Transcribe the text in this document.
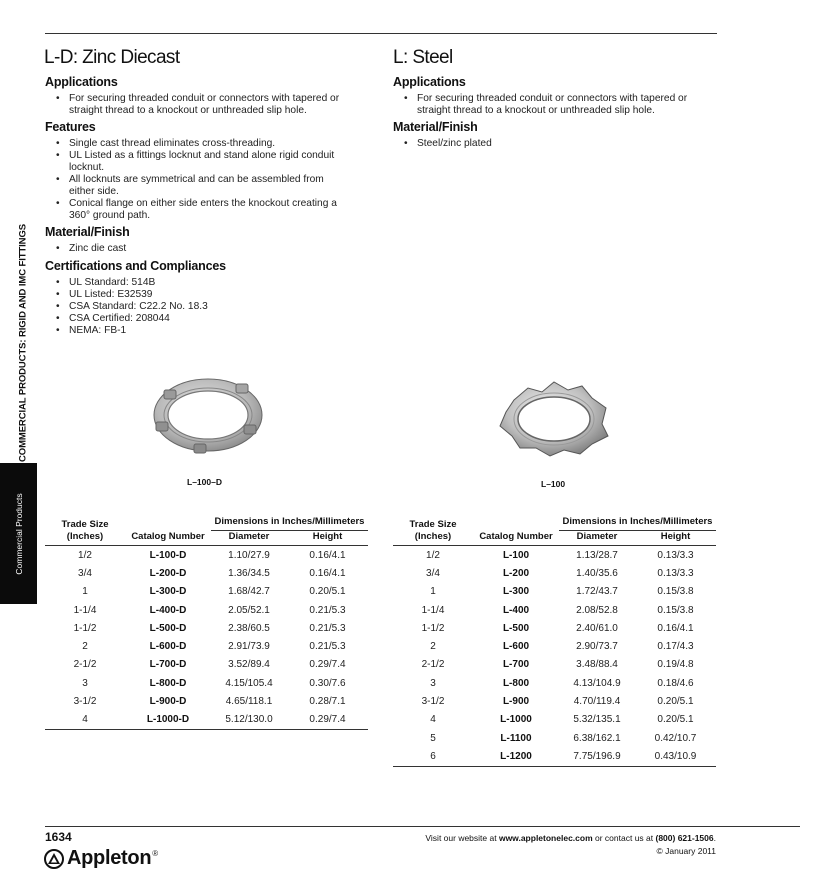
COMMERCIAL PRODUCTS: RIGID AND IMC FITTINGS
Commercial Products
L-D: Zinc Diecast
Applications
• For securing threaded conduit or connectors with tapered or straight thread to a knockout or unthreaded slip hole.
Features
• Single cast thread eliminates cross-threading.
• UL Listed as a fittings locknut and stand alone rigid conduit locknut.
• All locknuts are symmetrical and can be assembled from either side.
• Conical flange on either side enters the knockout creating a 360° ground path.
Material/Finish
• Zinc die cast
Certifications and Compliances
• UL Standard: 514B
• UL Listed: E32539
• CSA Standard: C22.2 No. 18.3
• CSA Certified: 208044
• NEMA: FB-1
L–100–D
Trade Size
(Inches)	Catalog Number	Dimensions in Inches/Millimeters	
		Diameter	Height
1/2	L-100-D	1.10/27.9	0.16/4.1
3/4	L-200-D	1.36/34.5	0.16/4.1
1	L-300-D	1.68/42.7	0.20/5.1
1-1/4	L-400-D	2.05/52.1	0.21/5.3
1-1/2	L-500-D	2.38/60.5	0.21/5.3
2	L-600-D	2.91/73.9	0.21/5.3
2-1/2	L-700-D	3.52/89.4	0.29/7.4
3	L-800-D	4.15/105.4	0.30/7.6
3-1/2	L-900-D	4.65/118.1	0.28/7.1
4	L-1000-D	5.12/130.0	0.29/7.4
L: Steel
Applications
• For securing threaded conduit or connectors with tapered or straight thread to a knockout or unthreaded slip hole.
Material/Finish
• Steel/zinc plated
L–100
Trade Size
(Inches)	Catalog Number	Dimensions in Inches/Millimeters	
		Diameter	Height
1/2	L-100	1.13/28.7	0.13/3.3
3/4	L-200	1.40/35.6	0.13/3.3
1	L-300	1.72/43.7	0.15/3.8
1-1/4	L-400	2.08/52.8	0.15/3.8
1-1/2	L-500	2.40/61.0	0.16/4.1
2	L-600	2.90/73.7	0.17/4.3
2-1/2	L-700	3.48/88.4	0.19/4.8
3	L-800	4.13/104.9	0.18/4.6
3-1/2	L-900	4.70/119.4	0.20/5.1
4	L-1000	5.32/135.1	0.20/5.1
5	L-1100	6.38/162.1	0.42/10.7
6	L-1200	7.75/196.9	0.43/10.9
1634
Appleton ®
Visit our website at www.appletonelec.com or contact us at (800) 621-1506.
© January 2011
